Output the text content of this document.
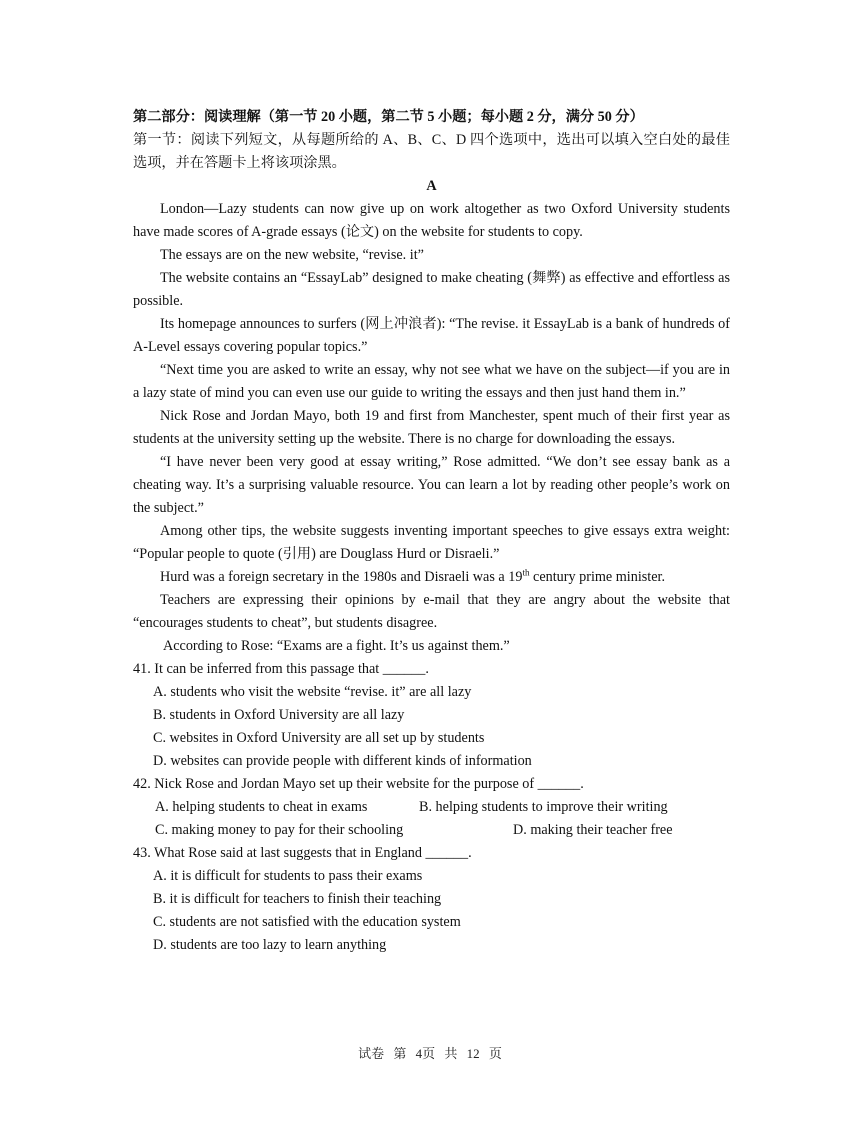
第二部分：阅读理解（第一节 20 小题，第二节 5 小题；每小题 2 分，满分 50 分）
第一节：阅读下列短文，从每题所给的 A、B、C、D 四个选项中，选出可以填入空白处的最佳选项，并在答题卡上将该项涂黑。
A
London—Lazy students can now give up on work altogether as two Oxford University students have made scores of A-grade essays (论文) on the website for students to copy.
The essays are on the new website, “revise. it”
The website contains an “EssayLab” designed to make cheating (舞弊) as effective and effortless as possible.
Its homepage announces to surfers (网上冲浪者): “The revise. it EssayLab is a bank of hundreds of A-Level essays covering popular topics.”
“Next time you are asked to write an essay, why not see what we have on the subject—if you are in a lazy state of mind you can even use our guide to writing the essays and then just hand them in.”
Nick Rose and Jordan Mayo, both 19 and first from Manchester, spent much of their first year as students at the university setting up the website. There is no charge for downloading the essays.
“I have never been very good at essay writing,” Rose admitted. “We don’t see essay bank as a cheating way. It’s a surprising valuable resource. You can learn a lot by reading other people’s work on the subject.”
Among other tips, the website suggests inventing important speeches to give essays extra weight: “Popular people to quote (引用) are Douglass Hurd or Disraeli.”
Hurd was a foreign secretary in the 1980s and Disraeli was a 19th century prime minister.
Teachers are expressing their opinions by e-mail that they are angry about the website that “encourages students to cheat”, but students disagree.
According to Rose: “Exams are a fight. It’s us against them.”
41. It can be inferred from this passage that ______.
A. students who visit the website “revise. it” are all lazy
B. students in Oxford University are all lazy
C. websites in Oxford University are all set up by students
D. websites can provide people with different kinds of information
42. Nick Rose and Jordan Mayo set up their website for the purpose of ______.
A. helping students to cheat in exams	B. helping students to improve their writing
C. making money to pay for their schooling	D. making their teacher free
43. What Rose said at last suggests that in England ______.
A. it is difficult for students to pass their exams
B. it is difficult for teachers to finish their teaching
C. students are not satisfied with the education system
D. students are too lazy to learn anything
试卷 第 4页 共 12 页
